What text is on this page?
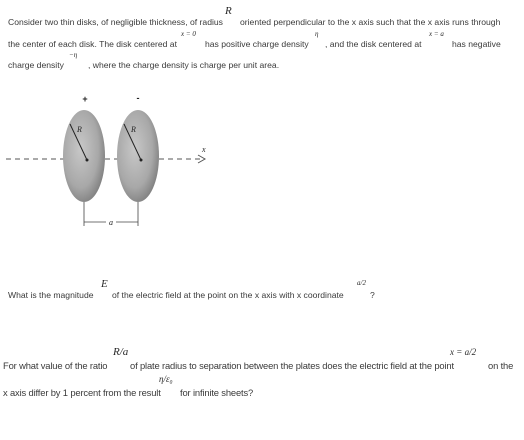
Consider two thin disks, of negligible thickness, of radius
R
oriented perpendicular to the x axis such that the x axis runs through
the center of each disk. The disk centered at
x = 0
has positive charge density
η
, and the disk centered at
x = a
has negative
charge density
−η
, where the charge density is charge per unit area.
+	-
R	R
x
a
What is the magnitude
E
of the electric field at the point on the x axis with x coordinate
a/2
?
For what value of the ratio
R/a
of plate radius to separation between the plates does the electric field at the point
x = a/2
on the
x axis differ by 1 percent from the result
η/ε₀
for infinite sheets?
